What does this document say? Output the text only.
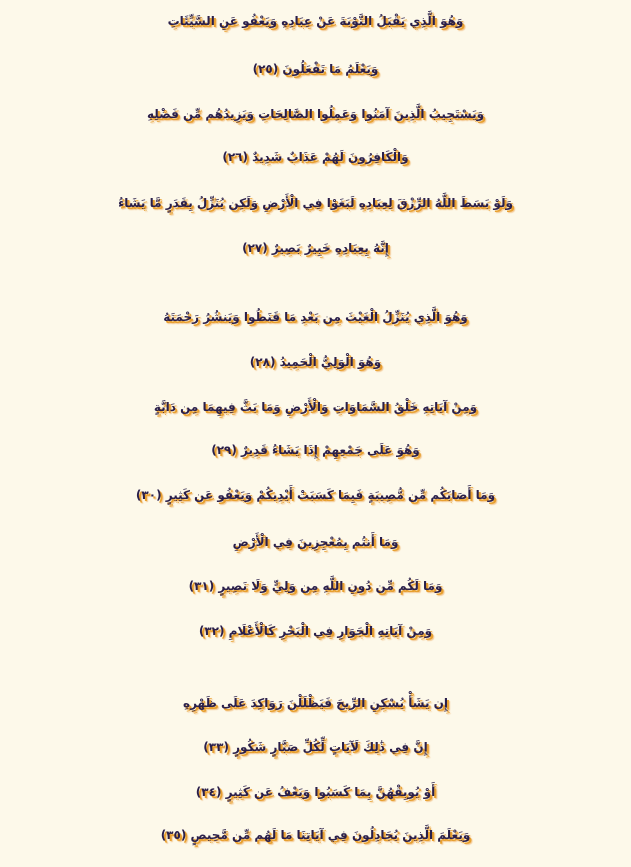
وَهُوَ الَّذِي يَقْبَلُ التَّوْبَةَ عَنْ عِبَادِهِ وَيَعْفُو عَنِ السَّيِّئَاتِ
وَيَعْلَمُ مَا تَفْعَلُونَ (٢٥)
وَيَسْتَجِيبُ الَّذِينَ آمَنُوا وَعَمِلُوا الصَّالِحَاتِ وَيَزِيدُهُم مِّن فَضْلِهِ
وَالْكَافِرُونَ لَهُمْ عَذَابٌ شَدِيدٌ (٢٦)
وَلَوْ بَسَطَ اللَّهُ الرِّزْقَ لِعِبَادِهِ لَبَغَوْا فِي الْأَرْضِ وَلَكِن يُنَزِّلُ بِقَدَرٍ مَّا يَشَاءُ
إِنَّهُ بِعِبَادِهِ خَبِيرٌ بَصِيرٌ (٢٧)
وَهُوَ الَّذِي يُنَزِّلُ الْغَيْثَ مِن بَعْدِ مَا قَنَطُوا وَيَنشُرُ رَحْمَتَهُ
وَهُوَ الْوَلِيُّ الْحَمِيدُ (٢٨)
وَمِنْ آيَاتِهِ خَلْقُ السَّمَاوَاتِ وَالْأَرْضِ وَمَا بَثَّ فِيهِمَا مِن دَابَّةٍ
وَهُوَ عَلَى جَمْعِهِمْ إِذَا يَشَاءُ قَدِيرٌ (٢٩)
وَمَا أَصَابَكُم مِّن مُّصِيبَةٍ فَبِمَا كَسَبَتْ أَيْدِيكُمْ وَيَعْفُو عَن كَثِيرٍ (٣٠)
وَمَا أَنتُم بِمُعْجِزِينَ فِي الْأَرْضِ
وَمَا لَكُم مِّن دُونِ اللَّهِ مِن وَلِيٍّ وَلَا نَصِيرٍ (٣١)
وَمِنْ آيَاتِهِ الْجَوَارِ فِي الْبَحْرِ كَالْأَعْلَامِ (٣٢)
إِن يَشَأْ يُسْكِنِ الرِّيحَ فَيَظْلَلْنَ رَوَاكِدَ عَلَى ظَهْرِهِ
إِنَّ فِي ذَٰلِكَ لَآيَاتٍ لِّكُلِّ صَبَّارٍ شَكُورٍ (٣٣)
أَوْ يُوبِقْهُنَّ بِمَا كَسَبُوا وَيَعْفُ عَن كَثِيرٍ (٣٤)
وَيَعْلَمَ الَّذِينَ يُجَادِلُونَ فِي آيَاتِنَا مَا لَهُم مِّن مَّحِيصٍ (٣٥)
